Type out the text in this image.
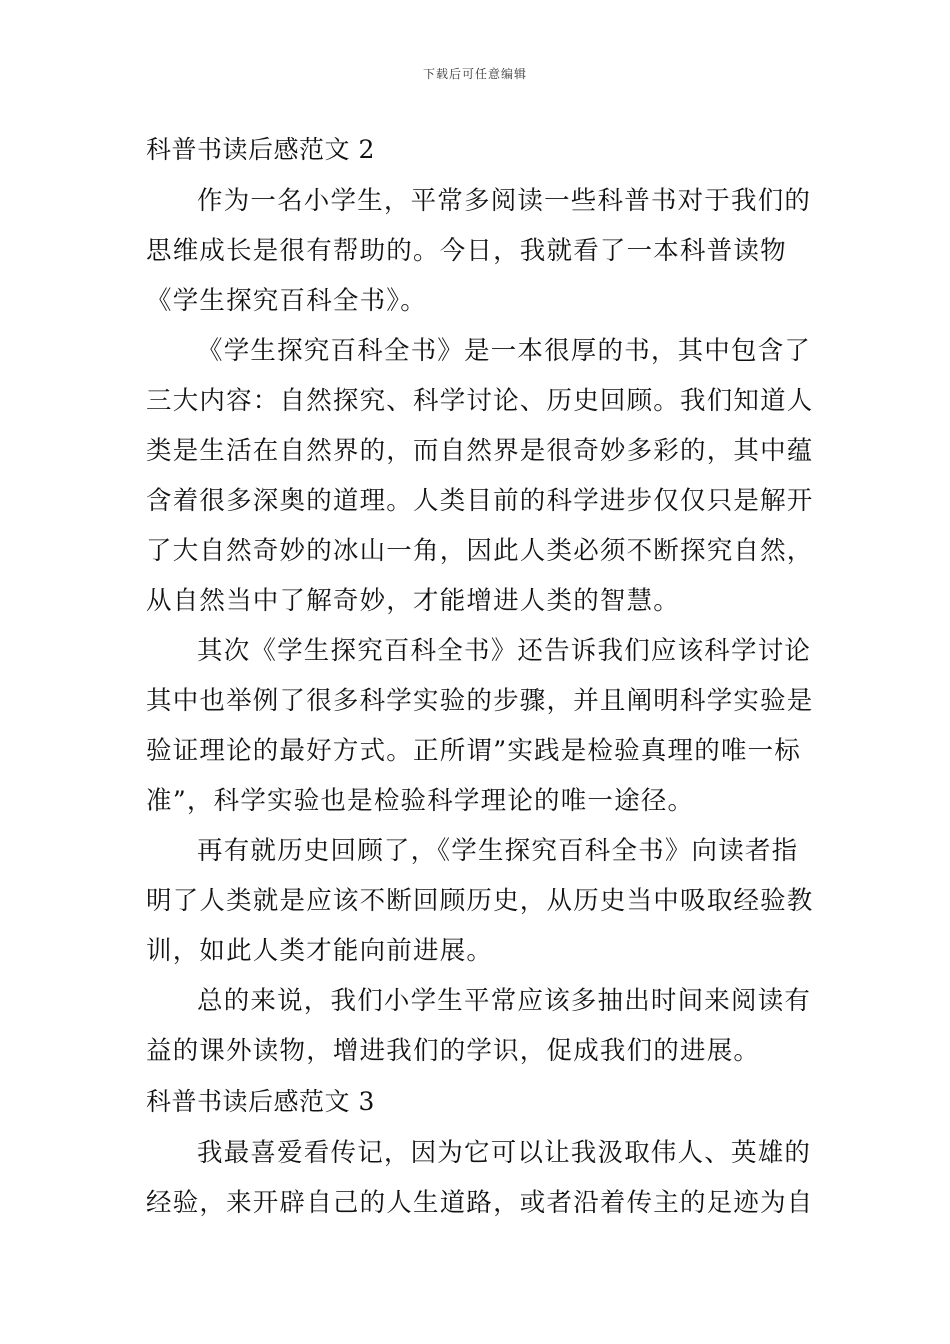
下载后可任意编辑
科普书读后感范文 2
作为一名小学生，平常多阅读一些科普书对于我们的
思维成长是很有帮助的。今日，我就看了一本科普读物
《学生探究百科全书》。
《学生探究百科全书》是一本很厚的书，其中包含了
三大内容：自然探究、科学讨论、历史回顾。我们知道人
类是生活在自然界的，而自然界是很奇妙多彩的，其中蕴
含着很多深奥的道理。人类目前的科学进步仅仅只是解开
了大自然奇妙的冰山一角，因此人类必须不断探究自然，
从自然当中了解奇妙，才能增进人类的智慧。
其次《学生探究百科全书》还告诉我们应该科学讨论
其中也举例了很多科学实验的步骤，并且阐明科学实验是
验证理论的最好方式。正所谓”实践是检验真理的唯一标
准”，科学实验也是检验科学理论的唯一途径。
再有就历史回顾了，《学生探究百科全书》向读者指
明了人类就是应该不断回顾历史，从历史当中吸取经验教
训，如此人类才能向前进展。
总的来说，我们小学生平常应该多抽出时间来阅读有
益的课外读物，增进我们的学识，促成我们的进展。
科普书读后感范文 3
我最喜爱看传记，因为它可以让我汲取伟人、英雄的
经验，来开辟自己的人生道路，或者沿着传主的足迹为自
